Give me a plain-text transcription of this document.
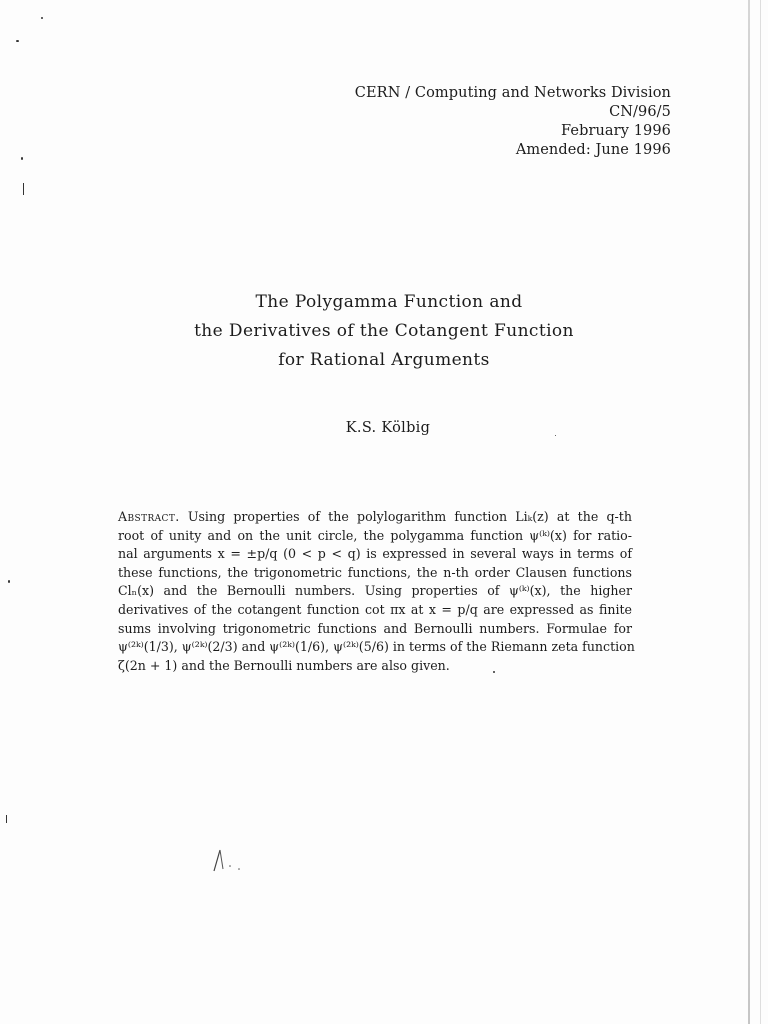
CERN / Computing and Networks Division
CN/96/5
February 1996
Amended: June 1996
The Polygamma Function and
the Derivatives of the Cotangent Function
for Rational Arguments
K.S. Kölbig
Abstract. Using properties of the polylogarithm function Liₖ(z) at the q-th
root of unity and on the unit circle, the polygamma function ψ⁽ᵏ⁾(x) for ratio-
nal arguments x = ±p/q (0 < p < q) is expressed in several ways in terms of
these functions, the trigonometric functions, the n-th order Clausen functions
Clₙ(x) and the Bernoulli numbers. Using properties of ψ⁽ᵏ⁾(x), the higher
derivatives of the cotangent function cot πx at x = p/q are expressed as finite
sums involving trigonometric functions and Bernoulli numbers. Formulae for
ψ⁽²ᵏ⁾(1/3), ψ⁽²ᵏ⁾(2/3) and ψ⁽²ᵏ⁾(1/6), ψ⁽²ᵏ⁾(5/6) in terms of the Riemann zeta function
ζ(2n + 1) and the Bernoulli numbers are also given.
